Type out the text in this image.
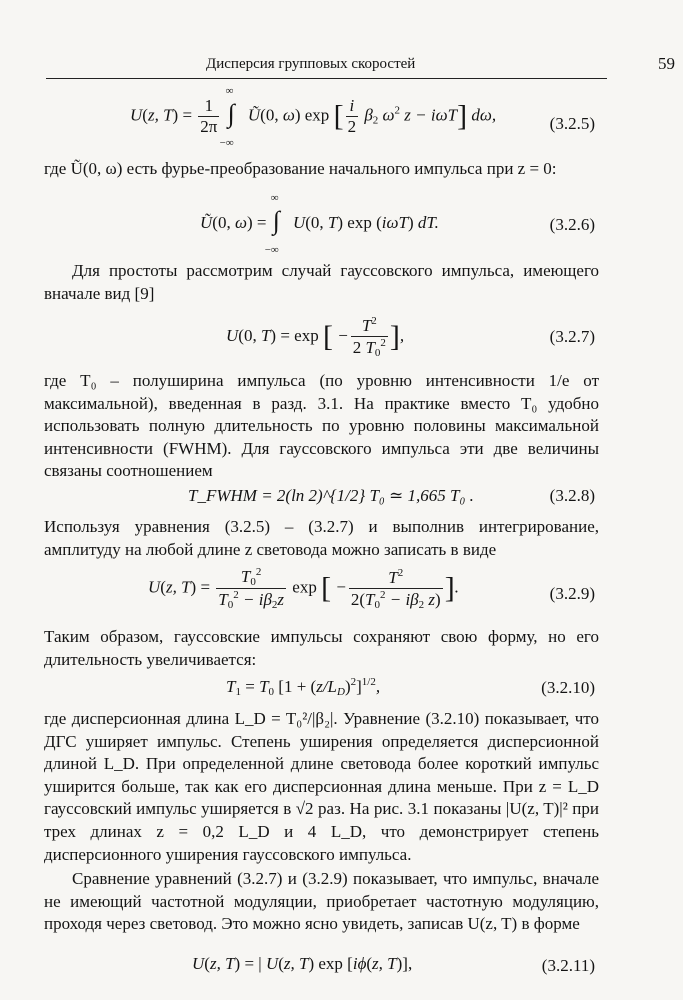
Дисперсия групповых скоростей	59
U(z, $T) = \frac{1}{2\pi}$

∞
∫
−∞
Ũ(0, ω) exp [ $\frac{i}{2} \beta_2$ $\omega^2$ z − iωT] dω,	(3.2.5)
где Ũ(0, ω) есть фурье-преобразование начального импульса при z = 0:
Ũ(0, ω) =
∞
∫
−∞
U(0, T) exp (iωT) dT.	(3.2.6)
Для простоты рассмотрим случай гауссовского импульса, имеющего вначале вид [9]
U(0, T) = exp [ − $\frac{T^2}{2 T_0^2}$ ],	(3.2.7)
где T₀ – полуширина импульса (по уровню интенсивности 1/e от максимальной), введенная в разд. 3.1. На практике вместо T₀ удобно использовать полную длительность по уровню половины максимальной интенсивности (FWHM). Для гауссовского импульса эти две величины связаны соотношением
T_FWHM = 2(ln 2)^{1/2} T₀ ≃ 1,665 T₀ .	(3.2.8)
Используя уравнения (3.2.5) – (3.2.7) и выполнив интегрирование, амплитуду на любой длине z световода можно записать в виде
U(z, $T) = \frac{T_0^2}{T_0^2 - i\beta_2z}$ exp [ − $\frac{T^2}{2(T_0^2 - i\beta_2 z)}$ ].	(3.2.9)
Таким образом, гауссовские импульсы сохраняют свою форму, но его длительность увеличивается:
$T_1 = T_0$ $[1 + (z/L_D)^2]^{1/2}$,	(3.2.10)
где дисперсионная длина L_D = T₀²/|β₂|. Уравнение (3.2.10) показывает, что ДГС уширяет импульс. Степень уширения определяется дисперсионной длиной L_D. При определенной длине световода более короткий импульс уширится больше, так как его дисперсионная длина меньше. При z = L_D гауссовский импульс уширяется в √2 раз. На рис. 3.1 показаны |U(z, T)|² при трех длинах z = 0,2 L_D и 4 L_D, что демонстрирует степень дисперсионного уширения гауссовского импульса.
Сравнение уравнений (3.2.7) и (3.2.9) показывает, что импульс, вначале не имеющий частотной модуляции, приобретает частотную модуляцию, проходя через световод. Это можно ясно увидеть, записав U(z, T) в форме
U(z, T) = | U(z, T) exp [iϕ(z, T)],	(3.2.11)
